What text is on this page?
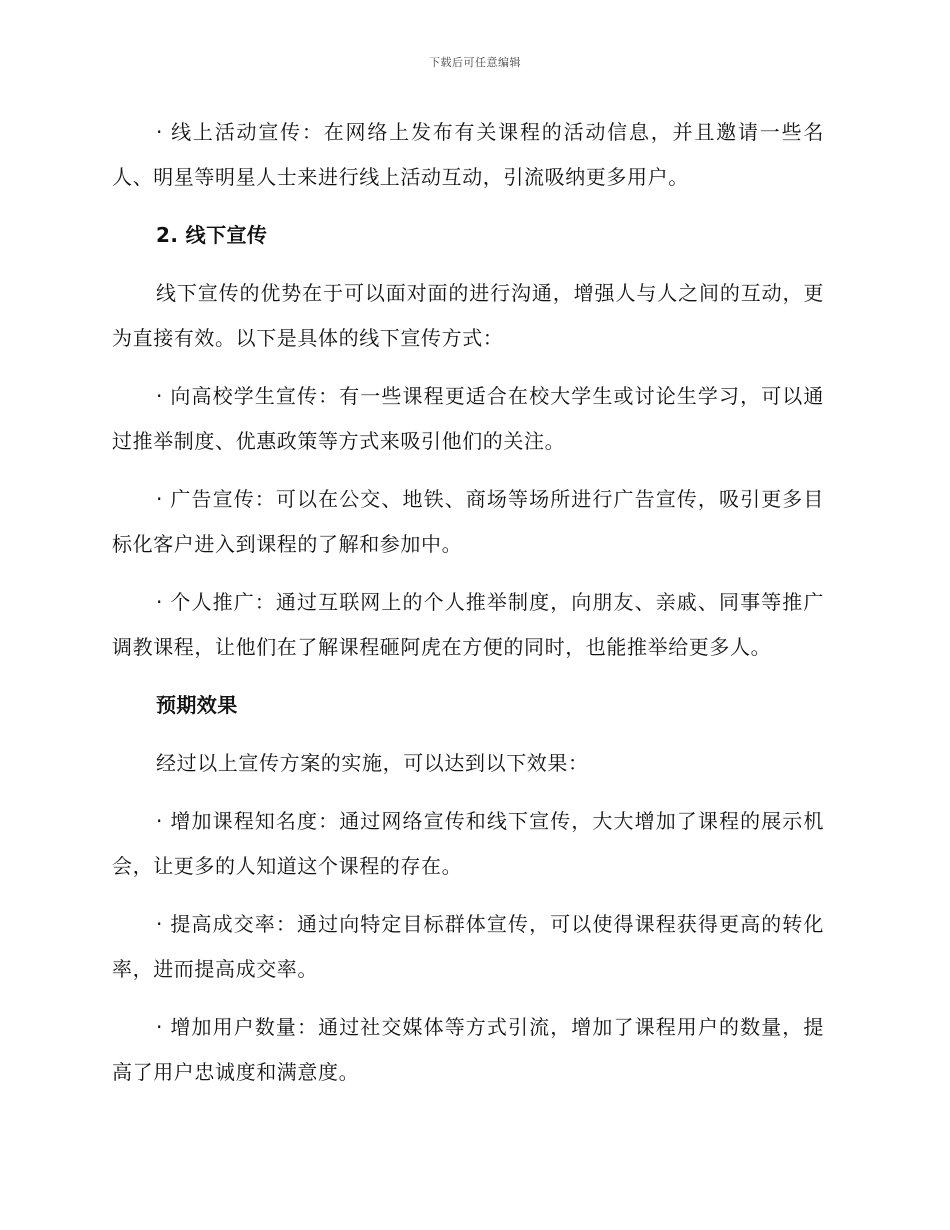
下载后可任意编辑

· 线上活动宣传：在网络上发布有关课程的活动信息，并且邀请一些名人、明星等明星人士来进行线上活动互动，引流吸纳更多用户。

2. 线下宣传

线下宣传的优势在于可以面对面的进行沟通，增强人与人之间的互动，更为直接有效。以下是具体的线下宣传方式：

· 向高校学生宣传：有一些课程更适合在校大学生或讨论生学习，可以通过推举制度、优惠政策等方式来吸引他们的关注。

· 广告宣传：可以在公交、地铁、商场等场所进行广告宣传，吸引更多目标化客户进入到课程的了解和参加中。

· 个人推广：通过互联网上的个人推举制度，向朋友、亲戚、同事等推广调教课程，让他们在了解课程砸阿虎在方便的同时，也能推举给更多人。

预期效果

经过以上宣传方案的实施，可以达到以下效果：

· 增加课程知名度：通过网络宣传和线下宣传，大大增加了课程的展示机会，让更多的人知道这个课程的存在。

· 提高成交率：通过向特定目标群体宣传，可以使得课程获得更高的转化率，进而提高成交率。

· 增加用户数量：通过社交媒体等方式引流，增加了课程用户的数量，提高了用户忠诚度和满意度。
